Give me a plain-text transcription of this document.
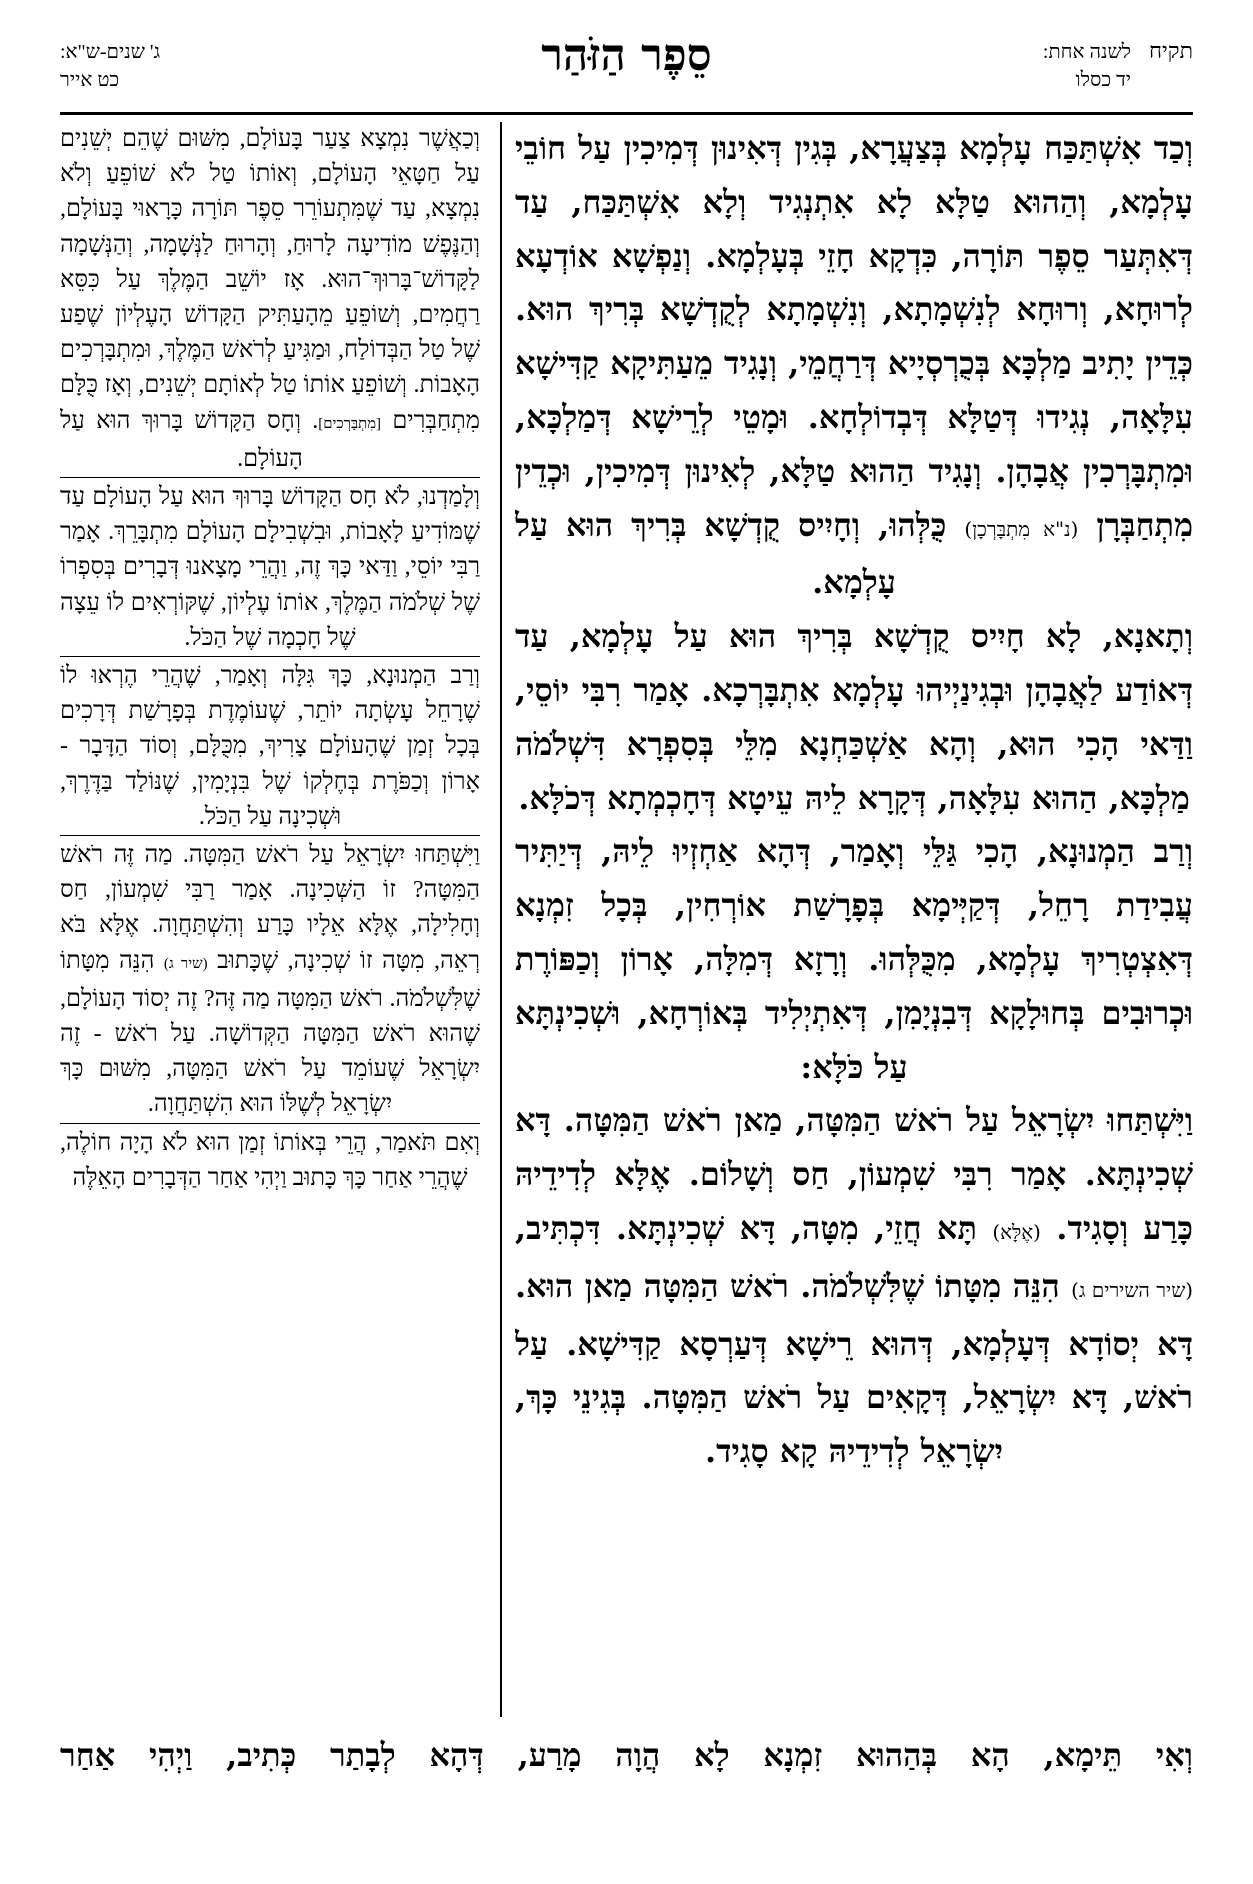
תקיח
לשנה אחת:
יד כסלו
סֵפֶר הַזֹּהַר
ג' שנים-ש"א:
כט אייר

וְכַד אִשְׁתַּכַּח עָלְמָא בְּצַעֲרָא, בְּגִין דְּאִינוּן דְּמִיכִין עַל חוֹבֵי עָלְמָא, וְהַהוּא טַלָּא לָא אִתְנְגִיד וְלָא אִשְׁתַּכַּח, עַד דְּאִתְּעַר סֵפֶר תּוֹרָה, כִּדְקָא חָזֵי בְּעָלְמָא. וְנַפְשָׁא אוֹדְעָא לְרוּחָא, וְרוּחָא לְנִשְׁמָתָא, וְנִשְׁמָתָא לְקֻדְשָׁא בְּרִיךְ הוּא. כְּדֵין יָתִיב מַלְכָּא בְּכֻרְסְיָיא דְּרַחֲמֵי, וְנָגִיד מֵעַתִּיקָא קַדִּישָׁא עִלָּאָה, נְגִידוּ דְּטַלָּא דְּבְדוֹלְחָא. וּמָטֵי לְרֵישָׁא דְּמַלְכָּא, וּמִתְבָּרְכִין אֲבָהָן. וְנָגִיד הַהוּא טַלָּא, לְאִינוּן דְּמִיכִין, וּכְדֵין מִתְחַבְּרָן (נ"א מִתְבָּרְכָן) כֻּלְּהוּ, וְחָיִיס קֻדְשָׁא בְּרִיךְ הוּא עַל עָלְמָא.

וְתָאנָא, לָא חָיִיס קֻדְשָׁא בְּרִיךְ הוּא עַל עָלְמָא, עַד דְּאוֹדַע לַאֲבָהָן וּבְגִינַיְיהוּ עָלְמָא אִתְבָּרְכָא. אָמַר רִבִּי יוֹסֵי, וַדַּאי הָכִי הוּא, וְהָא אַשְׁכַּחְנָא מִלֵּי בְּסִפְרָא דִּשְׁלֹמֹה מַלְכָּא, הַהוּא עִלָּאָה, דְּקָרָא לֵיהּ עֵיטָא דְּחָכְמְתָא דְּכֹלָּא.

וְרַב הַמְנוּנָא, הָכִי גַּלֵּי וְאָמַר, דְּהָא אַחְזְיוּ לֵיהּ, דְּיַתִּיר עֲבִידַת רָחֵל, דְּקַיְּימָא בְּפָרָשַׁת אוֹרְחִין, בְּכָל זִמְנָא דְּאִצְטְרִיךְ עָלְמָא, מִכֻּלְּהוּ. וְרָזָא דְּמִלָּה, אָרוֹן וְכַפּוֹרֶת וּכְרוּבִים בְּחוּלָקָא דְּבִנְיָמִן, דְּאִתְיְלִיד בְּאוֹרְחָא, וּשְׁכִינְתָּא עַל כֹּלָּא:

וַיִּשְׁתַּחוּ יִשְׂרָאֵל עַל רֹאשׁ הַמִּטָּה, מַאן רֹאשׁ הַמִּטָּה. דָּא שְׁכִינְתָּא. אָמַר רִבִּי שִׁמְעוֹן, חַס וְשָׁלוֹם. אֶלָּא לְדִידֵיהּ כָּרַע וְסָגִיד. (אֶלָּא) תָּא חֲזֵי, מִטָּה, דָּא שְׁכִינְתָּא. דִּכְתִּיב, (שיר השירים ג) הִנֵּה מִטָּתוֹ שֶׁלִּשְׁלֹמֹה. רֹאשׁ הַמִּטָּה מַאן הוּא. דָּא יְסוֹדָא דְּעָלְמָא, דְּהוּא רֵישָׁא דְּעַרְסָא קַדִּישָׁא. עַל רֹאשׁ, דָּא יִשְׂרָאֵל, דְּקָאִים עַל רֹאשׁ הַמִּטָּה. בְּגִינֵי כָּךְ, יִשְׂרָאֵל לְדִידֵיהּ קָא סָגִיד.

וְכַאֲשֶׁר נִמְצָא צַעַר בָּעוֹלָם, מִשּׁוּם שֶׁהֵם יְשֵׁנִים עַל חַטָּאֵי הָעוֹלָם, וְאוֹתוֹ טַל לֹא שׁוֹפֵעַ וְלֹא נִמְצָא, עַד שֶׁמִּתְעוֹרֵר סֵפֶר תּוֹרָה כָּרָאוּי בָּעוֹלָם, וְהַנֶּפֶשׁ מוֹדִיעָה לָרוּחַ, וְהָרוּחַ לַנְּשָׁמָה, וְהַנְּשָׁמָה לַקָּדוֹשׁ־בָּרוּךְ־הוּא. אָז יוֹשֵׁב הַמֶּלֶךְ עַל כִּסֵּא רַחֲמִים, וְשׁוֹפֵעַ מֵהָעַתִּיק הַקָּדוֹשׁ הָעֶלְיוֹן שֶׁפַע שֶׁל טַל הַבְּדוֹלַח, וּמַגִּיעַ לְרֹאשׁ הַמֶּלֶךְ, וּמִתְבָּרְכִים הָאָבוֹת. וְשׁוֹפֵעַ אוֹתוֹ טַל לְאוֹתָם יְשֵׁנִים, וְאָז כֻּלָּם מִתְחַבְּרִים [מִתְבָּרְכִים]. וְחָס הַקָּדוֹשׁ בָּרוּךְ הוּא עַל הָעוֹלָם.

וְלָמַדְנוּ, לֹא חָס הַקָּדוֹשׁ בָּרוּךְ הוּא עַל הָעוֹלָם עַד שֶׁמּוֹדִיעַ לָאָבוֹת, וּבִשְׁבִילָם הָעוֹלָם מִתְבָּרֵךְ. אָמַר רַבִּי יוֹסֵי, וַדַּאי כָּךְ זֶה, וַהֲרֵי מָצָאנוּ דְּבָרִים בְּסִפְרוֹ שֶׁל שְׁלֹמֹה הַמֶּלֶךְ, אוֹתוֹ עֶלְיוֹן, שֶׁקּוֹרְאִים לוֹ עֵצָה שֶׁל חָכְמָה שֶׁל הַכֹּל.

וְרַב הַמְנוּנָא, כָּךְ גִּלָּה וְאָמַר, שֶׁהֲרֵי הֶרְאוּ לוֹ שֶׁרָחֵל עָשְׂתָה יוֹתֵר, שֶׁעוֹמֶדֶת בְּפָרָשַׁת דְּרָכִים בְּכָל זְמַן שֶׁהָעוֹלָם צָרִיךְ, מִכֻּלָּם, וְסוֹד הַדָּבָר - אָרוֹן וְכַפֹּרֶת בְּחֶלְקוֹ שֶׁל בִּנְיָמִין, שֶׁנּוֹלַד בַּדֶּרֶךְ, וּשְׁכִינָה עַל הַכֹּל.

וַיִּשְׁתַּחוּ יִשְׂרָאֵל עַל רֹאשׁ הַמִּטָּה. מַה זֶּה רֹאשׁ הַמִּטָּה? זוֹ הַשְּׁכִינָה. אָמַר רַבִּי שִׁמְעוֹן, חַס וְחָלִילָה, אֶלָּא אֵלָיו כָּרַע וְהִשְׁתַּחֲוָה. אֶלָּא בֹּא רְאֵה, מִטָּה זוֹ שְׁכִינָה, שֶׁכָּתוּב (שיר ג) הִנֵּה מִטָּתוֹ שֶׁלִּשְׁלֹמֹה. רֹאשׁ הַמִּטָּה מַה זֶּה? זֶה יְסוֹד הָעוֹלָם, שֶׁהוּא רֹאשׁ הַמִּטָּה הַקְּדוֹשָׁה. עַל רֹאשׁ - זֶה יִשְׂרָאֵל שֶׁעוֹמֵד עַל רֹאשׁ הַמִּטָּה, מִשּׁוּם כָּךְ יִשְׂרָאֵל לְשֶׁלּוֹ הוּא הִשְׁתַּחֲוָה.

וְאִם תֹּאמַר, הֲרֵי בְּאוֹתוֹ זְמַן הוּא לֹא הָיָה חוֹלֶה, שֶׁהֲרֵי אַחַר כָּךְ כָּתוּב וַיְהִי אַחַר הַדְּבָרִים הָאֵלֶּה

וְאִי תֵּימָא, הָא בְּהַהוּא זִמְנָא לָא הֲוָה מָרַע, דְּהָא לְבָתַר כְּתִיב, וַיְהִי אַחַר
